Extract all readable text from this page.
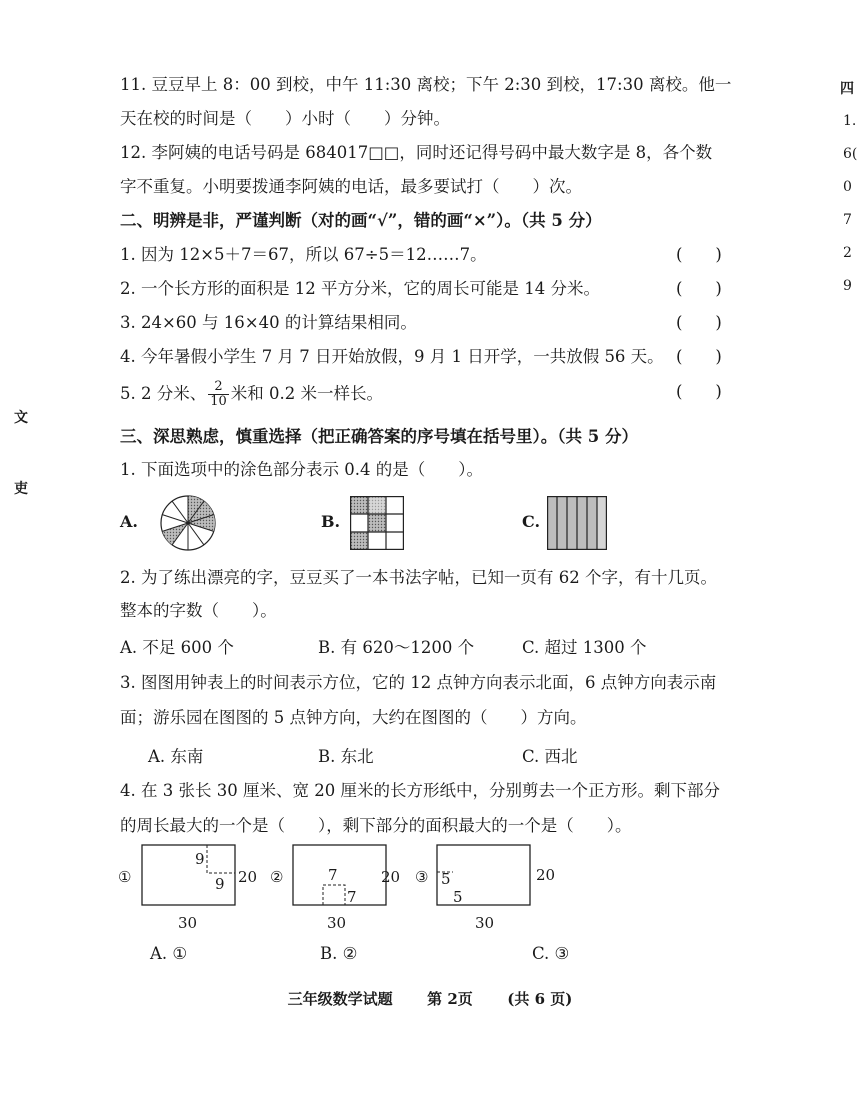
四
1.
6(
0
7
2
9
文
吏
11. 豆豆早上 8：00 到校，中午 11:30 离校；下午 2:30 到校，17:30 离校。他一
天在校的时间是（　　）小时（　　）分钟。
12. 李阿姨的电话号码是 684017□□，同时还记得号码中最大数字是 8，各个数
字不重复。小明要拨通李阿姨的电话，最多要试打（　　）次。
二、明辨是非，严谨判断（对的画“√”，错的画“×”）。（共 5 分）
1. 因为 12×5＋7＝67，所以 67÷5＝12……7。	(　　)
2. 一个长方形的面积是 12 平方分米，它的周长可能是 14 分米。	(　　)
3. 24×60 与 16×40 的计算结果相同。	(　　)
4. 今年暑假小学生 7 月 7 日开始放假，9 月 1 日开学，一共放假 56 天。 (　　)
5. 2 分米、 $\frac{2}{10}$ 米和 0.2 米一样长。	(　　)
三、深思熟虑，慎重选择（把正确答案的序号填在括号里）。（共 5 分）
1. 下面选项中的涂色部分表示 0.4 的是（　　）。
A.	B.	C.
2. 为了练出漂亮的字，豆豆买了一本书法字帖，已知一页有 62 个字，有十几页。
整本的字数（　　）。
A. 不足 600 个	B. 有 620～1200 个	C. 超过 1300 个
3. 图图用钟表上的时间表示方位，它的 12 点钟方向表示北面，6 点钟方向表示南
面；游乐园在图图的 5 点钟方向，大约在图图的（　　）方向。
A. 东南	B. 东北	C. 西北
4. 在 3 张长 30 厘米、宽 20 厘米的长方形纸中，分别剪去一个正方形。剩下部分
的周长最大的一个是（　　），剩下部分的面积最大的一个是（　　）。
①
9
9 20
30
②	7
7
20
30
③ 5
5
20
30
A. ①	B. ②	C. ③
三年级数学试题 第 2页 (共 6 页)
